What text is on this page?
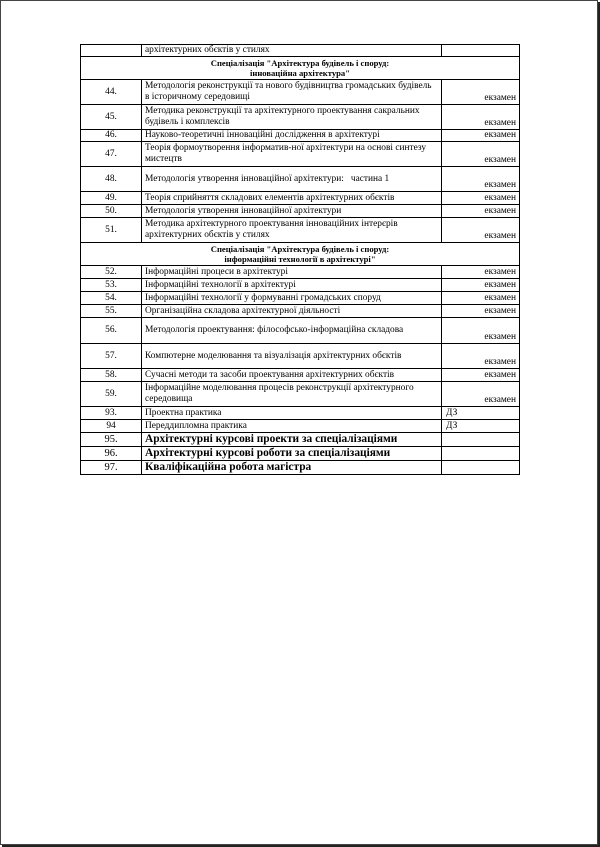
	архітектурних обєктів у стилях	

Спеціалізація "Архітектура будівель і споруд:
інноваційна архітектура"		

44.	Методологія реконструкції та нового будівництва громадських будівель в історичному середовищі	екзамен
45.	Методика реконструкції та архітектурного проектування сакральних будівель і комплексів	екзамен
46.	Науково-теоретичні інноваційні дослідження в архітектурі	екзамен
47.	Теорія формоутворення інформатив-ної архітектури на основі синтезу мистецтв	екзамен
48.	Методологія утворення інноваційної архітектури:   частина 1	екзамен
49.	Теорія сприйняття складових елементів архітектурних обєктів	екзамен
50.	Методологія утворення інноваційної архітектури	екзамен
51.	Методика архітектурного проектування інноваційних інтерєрів архітектурних обєктів у стилях	екзамен

Спеціалізація "Архітектура будівель і споруд:
інформаційні технології в архітектурі"		

52.	Інформаційні процеси в архітектурі	екзамен
53.	Інформаційні технології в архітектурі	екзамен
54.	Інформаційні технології у формуванні громадських споруд	екзамен
55.	Організаційна складова архітектурної діяльності	екзамен
56.	Методологія проектування: філософсько-інформаційна складова	екзамен
57.	Компютерне моделювання та візуалізація архітектурних обєктів	екзамен
58.	Сучасні методи та засоби проектування архітектурних обєктів	екзамен
59.	Інформаційне моделювання процесів реконструкції архітектурного середовища	екзамен
93.	Проектна практика	ДЗ
94	Переддипломна практика	ДЗ
95.	Архітектурні курсові проекти за спеціалізаціями	
96.	Архітектурні курсові роботи за спеціалізаціями	
97.	Кваліфікаційна робота магістра	
